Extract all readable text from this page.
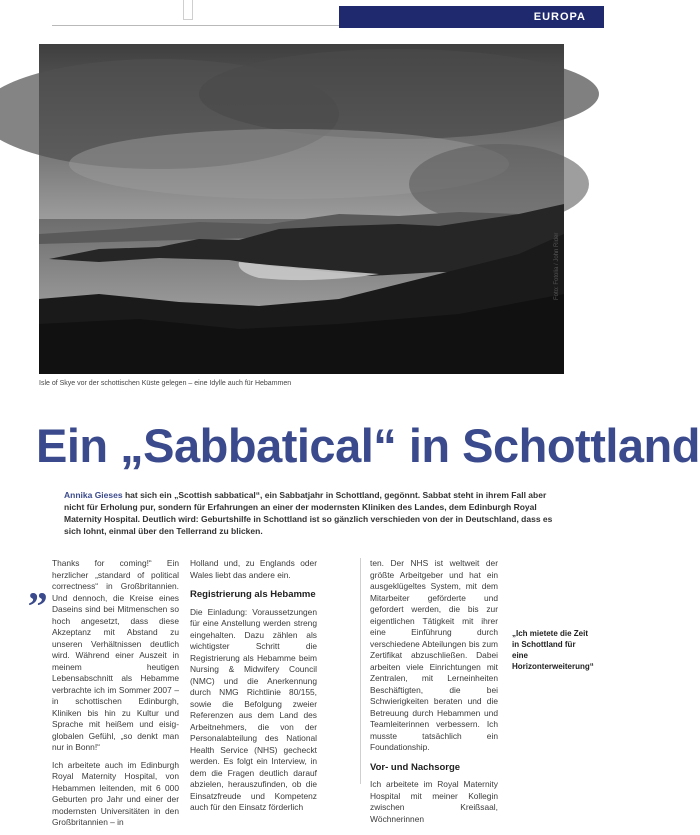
EUROPA
Foto: Fotolia / John Rider
Isle of Skye vor der schottischen Küste gelegen – eine Idylle auch für Hebammen
Ein „Sabbatical“ in Schottland
Annika Gieses hat sich ein „Scottish sabbatical“, ein Sabbatjahr in Schottland, gegönnt. Sabbat steht in ihrem Fall aber nicht für Erholung pur, sondern für Erfahrungen an einer der modernsten Kliniken des Landes, dem Edinburgh Royal Maternity Hospital. Deutlich wird: Geburtshilfe in Schottland ist so gänzlich verschieden von der in Deutschland, dass es sich lohnt, einmal über den Tellerrand zu blicken.
„ Thanks for coming!“ Ein herzlicher „standard of political correctness“ in Großbritannien. Und dennoch, die Kreise eines Daseins sind bei Mitmenschen so hoch angesetzt, dass diese Akzeptanz mit Abstand zu unseren Verhältnissen deutlich wird. Während einer Auszeit in meinem heutigen Lebensabschnitt als Hebamme verbrachte ich im Sommer 2007 – in schottischen Edinburgh, Kliniken bis hin zu Kultur und Sprache mit heißem und eisig-globalen Gefühl, „so denkt man nur in Bonn!“

Ich arbeitete auch im Edinburgh Royal Maternity Hospital, von Hebammen leitenden, mit 6 000 Geburten pro Jahr und einer der modernsten Universitäten in den Großbritannien – in

Holland und, zu Englands oder Wales liebt das andere ein.

Registrierung als Hebamme

Die Einladung: Voraussetzungen für eine Anstellung werden streng eingehalten. Dazu zählen als wichtigster Schritt die Registrierung als Hebamme beim Nursing & Midwifery Council (NMC) und die Anerkennung durch NMG Richtlinie 80/155, sowie die Befolgung zweier Referenzen aus dem Land des Arbeitnehmers, die von der Personalabteilung des National Health Service (NHS) gecheckt werden. Es folgt ein Interview, in dem die Fragen deutlich darauf abzielen, herauszufinden, ob die Einsatzfreude und Kompetenz auch für den Einsatz förderlich

ten. Der NHS ist weltweit der größte Arbeitgeber und hat ein ausgeklügeltes System, mit dem Mitarbeiter geförderte und gefordert werden, die bis zur eigentlichen Tätigkeit mit ihrer eine Einführung durch verschiedene Abteilungen bis zum Zertifikat abzuschließen. Dabei arbeiten viele Einrichtungen mit Zentralen, mit Lerneinheiten Beschäftigten, die bei Schwierigkeiten beraten und die Betreuung durch Hebammen und Teamleiterinnen verbessern. Ich musste tatsächlich ein Foundationship.

Vor- und Nachsorge

Ich arbeitete im Royal Maternity Hospital mit meiner Kollegin zwischen Kreißsaal, Wöchnerinnen

„Ich mietete die Zeit in Schottland für eine Horizonterweiterung“
